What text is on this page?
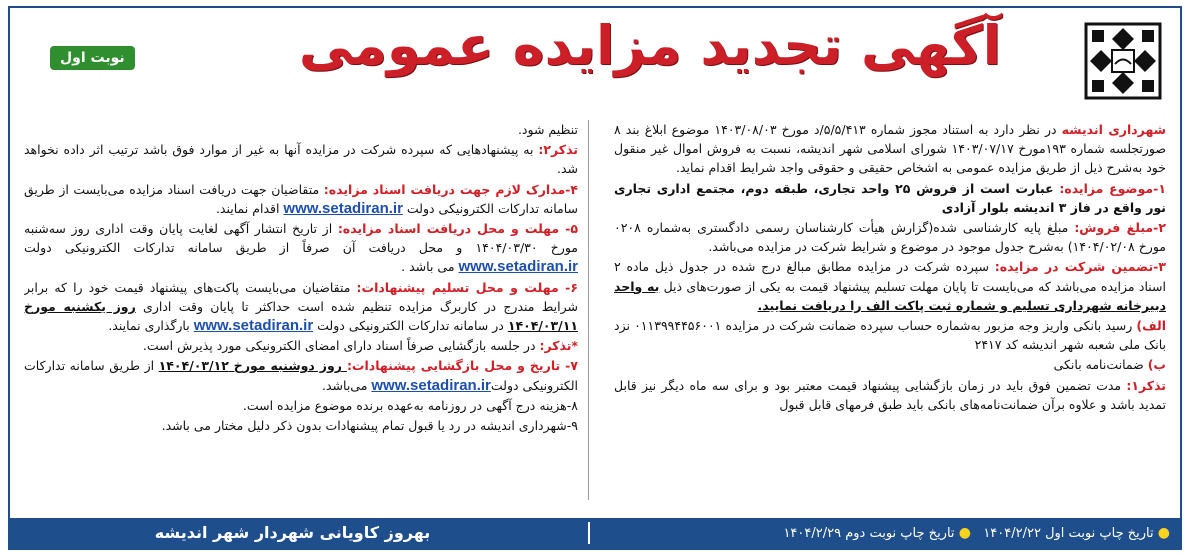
آگهی تجدید مزایده عمومی
نوبت اول

شهرداری اندیشه در نظر دارد به استناد مجوز شماره ۵/۵/۴۱۳/د مورخ ۱۴۰۳/۰۸/۰۳ موضوع ابلاغ بند ۸ صورتجلسه شماره ۱۹۳مورخ ۱۴۰۳/۰۷/۱۷ شورای اسلامی شهر اندیشه، نسبت به فروش اموال غیر منقول خود به‌شرح ذیل از طریق مزایده عمومی به اشخاص حقیقی و حقوقی واجد شرایط اقدام نماید.

۱-موضوع مزایده: عبارت است از فروش ۲۵ واحد تجاری، طبقه دوم، مجتمع اداری تجاری نور واقع در فاز ۳ اندیشه بلوار آزادی

۲-مبلغ فروش: مبلغ پایه کارشناسی شده(گزارش هیأت کارشناسان رسمی دادگستری به‌شماره ۰۲۰۸ مورخ ۱۴۰۴/۰۲/۰۸) به‌شرح جدول موجود در موضوع و شرایط شرکت در مزایده می‌باشد.

۳-تضمین شرکت در مزایده: سپرده شرکت در مزایده مطابق مبالغ درج شده در جدول ذیل ماده ۲ اسناد مزایده می‌باشد که می‌بایست تا پایان مهلت تسلیم پیشنهاد قیمت به یکی از صورت‌های ذیل به واحد دبیرخانه شهرداری تسلیم و شماره ثبت پاکت الف را دریافت نمایید.

الف) رسید بانکی واریز وجه مزبور به‌شماره حساب سپرده ضمانت شرکت در مزایده ۰۱۱۳۹۹۴۴۵۶۰۰۱ نزد بانک ملی شعبه شهر اندیشه کد ۲۴۱۷

ب) ضمانت‌نامه بانکی

تذکر۱: مدت تضمین فوق باید در زمان بازگشایی پیشنهاد قیمت معتبر بود و برای سه ماه دیگر نیز قابل تمدید باشد و علاوه برآن ضمانت‌نامه‌های بانکی باید طبق فرمهای قابل قبول

تنظیم شود.

تذکر۲: به پیشنهادهایی که سپرده شرکت در مزایده آنها به غیر از موارد فوق باشد ترتیب اثر داده نخواهد شد.

۴-مدارک لازم جهت دریافت اسناد مزایده: متقاضیان جهت دریافت اسناد مزایده می‌بایست از طریق سامانه تدارکات الکترونیکی دولت www.setadiran.ir اقدام نمایند.

۵- مهلت و محل دریافت اسناد مزایده: از تاریخ انتشار آگهی لغایت پایان وقت اداری روز سه‌شنبه مورخ ۱۴۰۴/۰۳/۳۰ و محل دریافت آن صرفاً از طریق سامانه تدارکات الکترونیکی دولت www.setadiran.ir می باشد .

۶- مهلت و محل تسلیم پیشنهادات: متقاضیان می‌بایست پاکت‌های پیشنهاد قیمت خود را که برابر شرایط مندرج در کاربرگ مزایده تنظیم شده است حداکثر تا پایان وقت اداری روز یکشنبه مورخ ۱۴۰۴/۰۳/۱۱ در سامانه تدارکات الکترونیکی دولت www.setadiran.ir بارگذاری نمایند.

*تذکر: در جلسه بازگشایی صرفاً اسناد دارای امضای الکترونیکی مورد پذیرش است.

۷- تاریخ و محل بازگشایی پیشنهادات: روز دوشنبه مورخ ۱۴۰۴/۰۳/۱۲ از طریق سامانه تدارکات الکترونیکی دولتwww.setadiran.ir می‌باشد.

۸-هزینه درج آگهی در روزنامه به‌عهده برنده موضوع مزایده است.

۹-شهرداری اندیشه در رد یا قبول تمام پیشنهادات بدون ذکر دلیل مختار می باشد.

بهروز کاویانی شهردار شهر اندیشه	● تاریخ چاپ نوبت اول ۱۴۰۴/۲/۲۲   ● تاریخ چاپ نوبت دوم ۱۴۰۴/۲/۲۹
